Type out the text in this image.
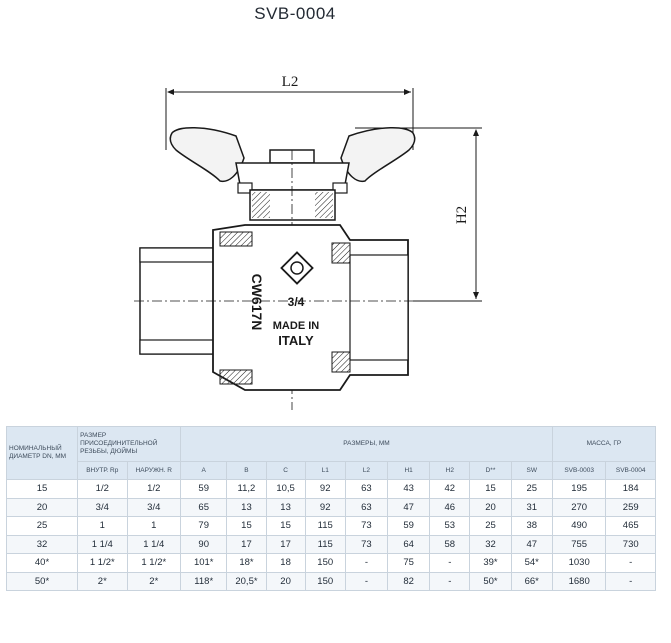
SVB-0004
L2
H2
CW617N 3/4
MADE IN
ITALY
НОМИНАЛЬНЫЙ ДИАМЕТР DN, ММ	РАЗМЕР ПРИСОЕДИНИТЕЛЬНОЙ РЕЗЬБЫ, ДЮЙМЫ		РАЗМЕРЫ, ММ									МАССА, ГР	
	ВНУТР. Rp	НАРУЖН. R	A	B	C	L1	L2	H1	H2	D**	SW	SVB-0003	SVB-0004
15	1/2	1/2	59	11,2	10,5	92	63	43	42	15	25	195	184
20	3/4	3/4	65	13	13	92	63	47	46	20	31	270	259
25	1	1	79	15	15	115	73	59	53	25	38	490	465
32	1 1/4	1 1/4	90	17	17	115	73	64	58	32	47	755	730
40*	1 1/2*	1 1/2*	101*	18*	18	150	-	75	-	39*	54*	1030	-
50*	2*	2*	118*	20,5*	20	150	-	82	-	50*	66*	1680	-
